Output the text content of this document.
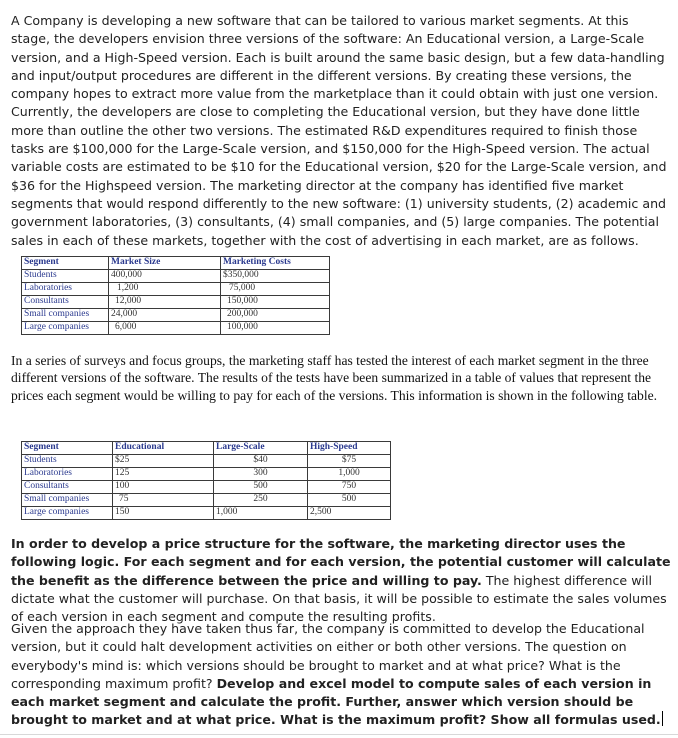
A Company is developing a new software that can be tailored to various market segments. At this stage, the developers envision three versions of the software: An Educational version, a Large-Scale version, and a High-Speed version. Each is built around the same basic design, but a few data-handling and input/output procedures are different in the different versions. By creating these versions, the company hopes to extract more value from the marketplace than it could obtain with just one version. Currently, the developers are close to completing the Educational version, but they have done little more than outline the other two versions. The estimated R&D expenditures required to finish those tasks are $100,000 for the Large-Scale version, and $150,000 for the High-Speed version. The actual variable costs are estimated to be $10 for the Educational version, $20 for the Large-Scale version, and $36 for the Highspeed version. The marketing director at the company has identified five market segments that would respond differently to the new software: (1) university students, (2) academic and government laboratories, (3) consultants, (4) small companies, and (5) large companies. The potential sales in each of these markets, together with the cost of advertising in each market, are as follows.

Segment	Market Size	Marketing Costs
Students	400,000	$350,000
Laboratories	1,200	75,000
Consultants	12,000	150,000
Small companies	24,000	200,000
Large companies	6,000	100,000

In a series of surveys and focus groups, the marketing staff has tested the interest of each market segment in the three different versions of the software. The results of the tests have been summarized in a table of values that represent the prices each segment would be willing to pay for each of the versions. This information is shown in the following table.

Segment	Educational	Large-Scale	High-Speed
Students	$25	$40	$75
Laboratories	125	300	1,000
Consultants	100	500	750
Small companies	75	250	500
Large companies	150	1,000	2,500

In order to develop a price structure for the software, the marketing director uses the following logic. For each segment and for each version, the potential customer will calculate the benefit as the difference between the price and willing to pay. The highest difference will dictate what the customer will purchase. On that basis, it will be possible to estimate the sales volumes of each version in each segment and compute the resulting profits.

Given the approach they have taken thus far, the company is committed to develop the Educational version, but it could halt development activities on either or both other versions. The question on everybody's mind is: which versions should be brought to market and at what price? What is the corresponding maximum profit? Develop and excel model to compute sales of each version in each market segment and calculate the profit. Further, answer which version should be brought to market and at what price. What is the maximum profit? Show all formulas used.
